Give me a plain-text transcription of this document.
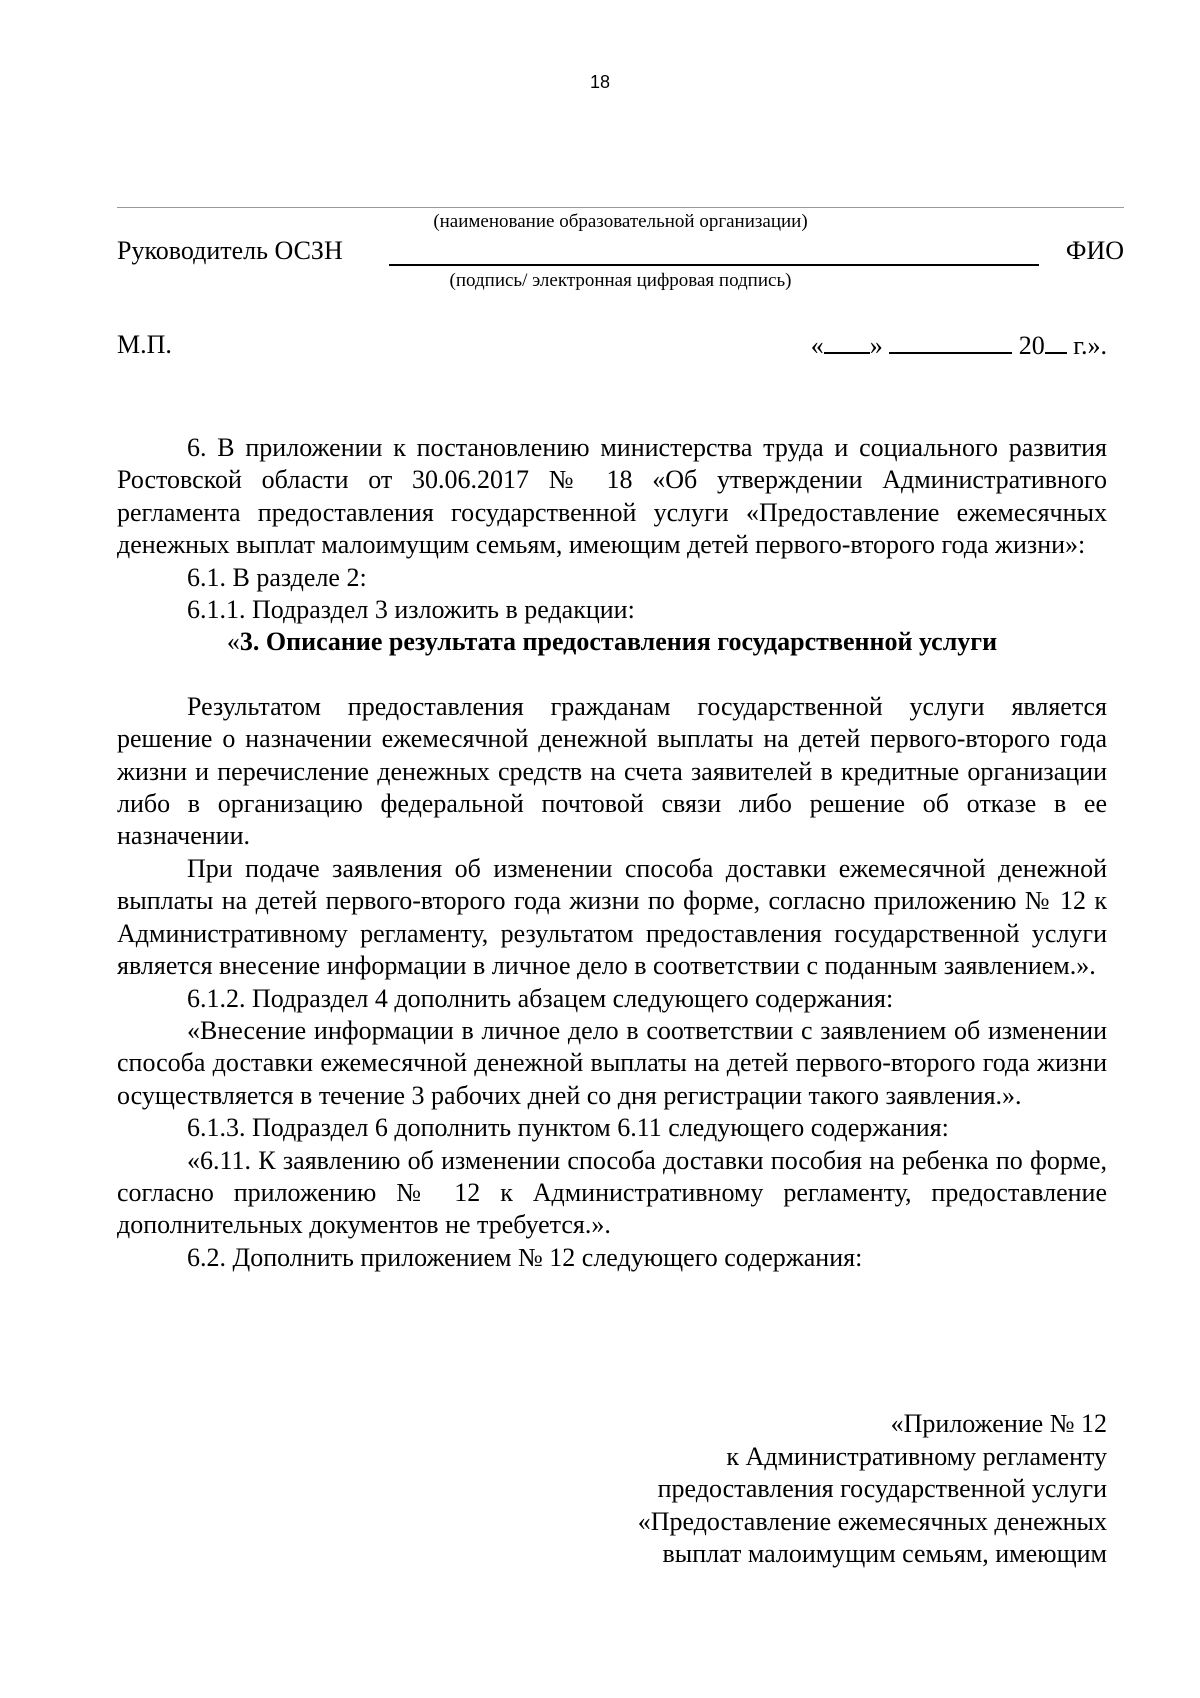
18
(наименование образовательной организации)
Руководитель ОСЗН	ФИО
(подпись/ электронная цифровая подпись)
М.П.	« »	20 г.».

6. В приложении к постановлению министерства труда и социального развития Ростовской области от 30.06.2017 № 18 «Об утверждении Административного регламента предоставления государственной услуги «Предоставление ежемесячных денежных выплат малоимущим семьям, имеющим детей первого-второго года жизни»:

6.1. В разделе 2:

6.1.1. Подраздел 3 изложить в редакции:

«3. Описание результата предоставления государственной услуги

Результатом предоставления гражданам государственной услуги является решение о назначении ежемесячной денежной выплаты на детей первого-второго года жизни и перечисление денежных средств на счета заявителей в кредитные организации либо в организацию федеральной почтовой связи либо решение об отказе в ее назначении.

При подаче заявления об изменении способа доставки ежемесячной денежной выплаты на детей первого-второго года жизни по форме, согласно приложению № 12 к Административному регламенту, результатом предоставления государственной услуги является внесение информации в личное дело в соответствии с поданным заявлением.».

6.1.2. Подраздел 4 дополнить абзацем следующего содержания:

«Внесение информации в личное дело в соответствии с заявлением об изменении способа доставки ежемесячной денежной выплаты на детей первого-второго года жизни осуществляется в течение 3 рабочих дней со дня регистрации такого заявления.».

6.1.3. Подраздел 6 дополнить пунктом 6.11 следующего содержания:

«6.11. К заявлению об изменении способа доставки пособия на ребенка по форме, согласно приложению № 12 к Административному регламенту, предоставление дополнительных документов не требуется.».

6.2. Дополнить приложением № 12 следующего содержания:

«Приложение № 12
к Административному регламенту
предоставления государственной услуги
«Предоставление ежемесячных денежных
выплат малоимущим семьям, имеющим
